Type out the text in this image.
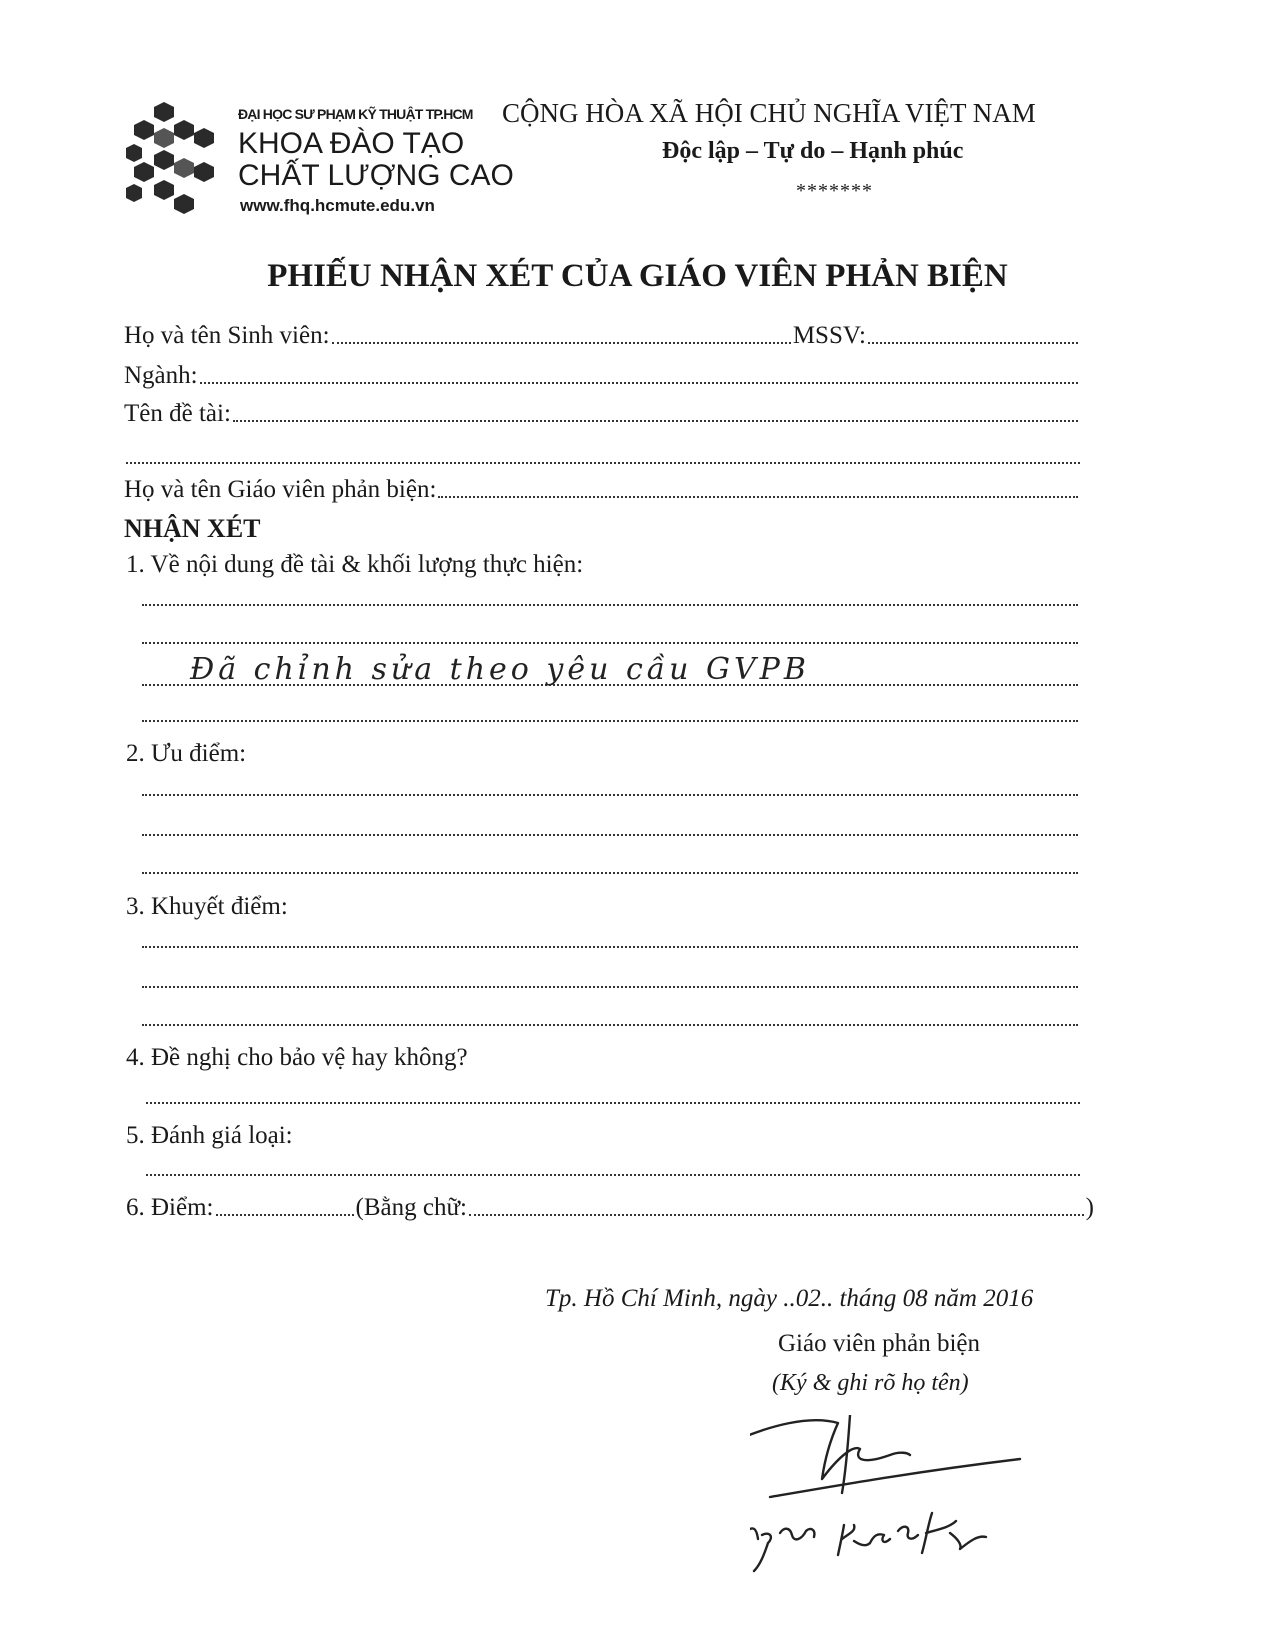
ĐẠI HỌC SƯ PHẠM KỸ THUẬT TP.HCM
KHOA ĐÀO TẠO
CHẤT LƯỢNG CAO
www.fhq.hcmute.edu.vn
CỘNG HÒA XÃ HỘI CHỦ NGHĨA VIỆT NAM
Độc lập – Tự do – Hạnh phúc
*******
PHIẾU NHẬN XÉT CỦA GIÁO VIÊN PHẢN BIỆN
Họ và tên Sinh viên:	MSSV:
Ngành:
Tên đề tài:
Họ và tên Giáo viên phản biện:
NHẬN XÉT
1. Về nội dung đề tài & khối lượng thực hiện:
Đã chỉnh sửa theo yêu cầu GVPB
2. Ưu điểm:
3. Khuyết điểm:
4. Đề nghị cho bảo vệ hay không?
5. Đánh giá loại:
6. Điểm:	(Bằng chữ:	)
Tp. Hồ Chí Minh, ngày ..02.. tháng 08 năm 2016
Giáo viên phản biện
(Ký & ghi rõ họ tên)
